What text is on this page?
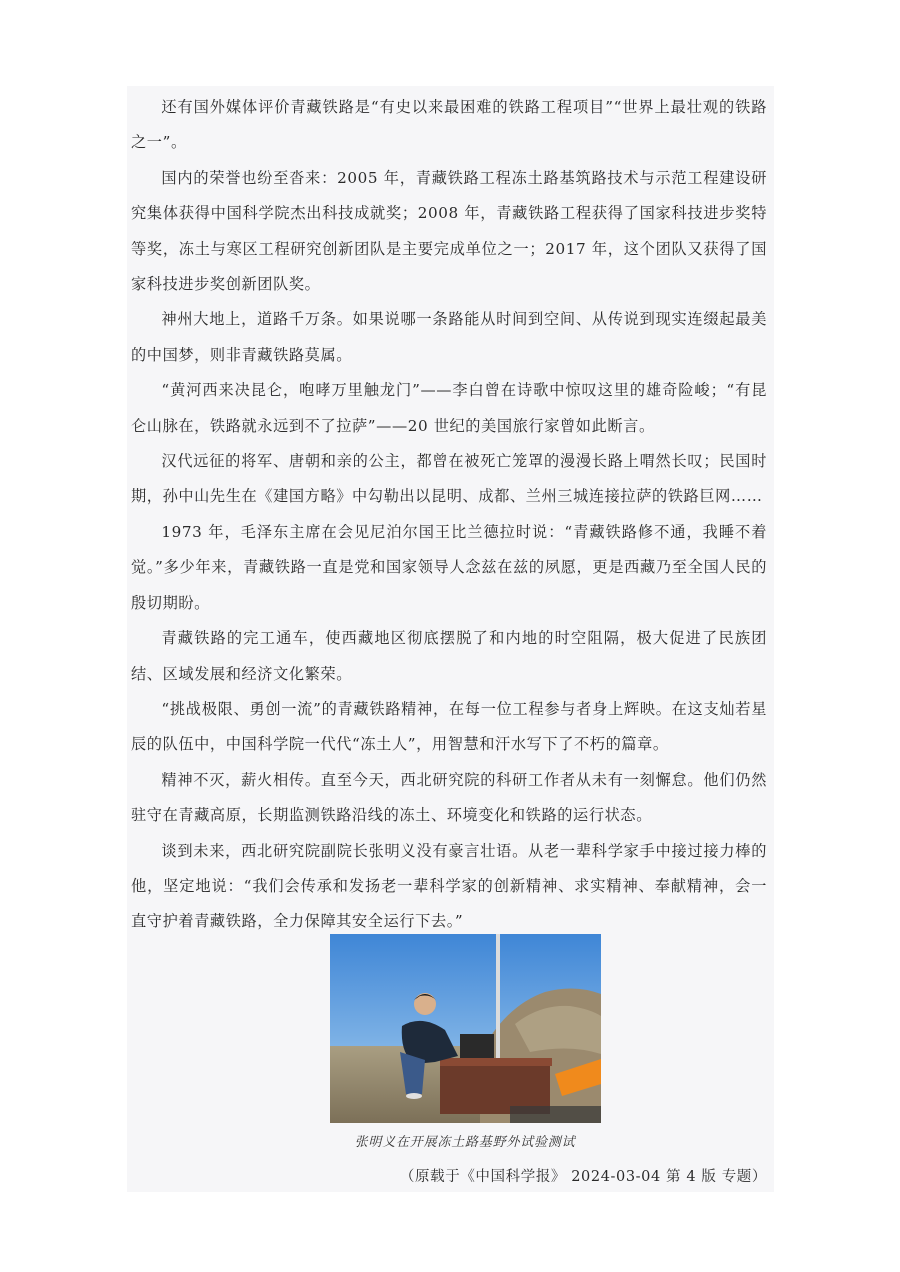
还有国外媒体评价青藏铁路是“有史以来最困难的铁路工程项目”“世界上最壮观的铁路之一”。

国内的荣誉也纷至沓来：2005 年，青藏铁路工程冻土路基筑路技术与示范工程建设研究集体获得中国科学院杰出科技成就奖；2008 年，青藏铁路工程获得了国家科技进步奖特等奖，冻土与寒区工程研究创新团队是主要完成单位之一；2017 年，这个团队又获得了国家科技进步奖创新团队奖。

神州大地上，道路千万条。如果说哪一条路能从时间到空间、从传说到现实连缀起最美的中国梦，则非青藏铁路莫属。

“黄河西来决昆仑，咆哮万里触龙门”——李白曾在诗歌中惊叹这里的雄奇险峻；“有昆仑山脉在，铁路就永远到不了拉萨”——20 世纪的美国旅行家曾如此断言。

汉代远征的将军、唐朝和亲的公主，都曾在被死亡笼罩的漫漫长路上喟然长叹；民国时期，孙中山先生在《建国方略》中勾勒出以昆明、成都、兰州三城连接拉萨的铁路巨网……

1973 年，毛泽东主席在会见尼泊尔国王比兰德拉时说：“青藏铁路修不通，我睡不着觉。”多少年来，青藏铁路一直是党和国家领导人念兹在兹的夙愿，更是西藏乃至全国人民的殷切期盼。

青藏铁路的完工通车，使西藏地区彻底摆脱了和内地的时空阻隔，极大促进了民族团结、区域发展和经济文化繁荣。

“挑战极限、勇创一流”的青藏铁路精神，在每一位工程参与者身上辉映。在这支灿若星辰的队伍中，中国科学院一代代“冻土人”，用智慧和汗水写下了不朽的篇章。

精神不灭，薪火相传。直至今天，西北研究院的科研工作者从未有一刻懈怠。他们仍然驻守在青藏高原，长期监测铁路沿线的冻土、环境变化和铁路的运行状态。

谈到未来，西北研究院副院长张明义没有豪言壮语。从老一辈科学家手中接过接力棒的他，坚定地说：“我们会传承和发扬老一辈科学家的创新精神、求实精神、奉献精神，会一直守护着青藏铁路，全力保障其安全运行下去。”

张明义在开展冻土路基野外试验测试
（原载于《中国科学报》 2024-03-04 第 4 版 专题）
